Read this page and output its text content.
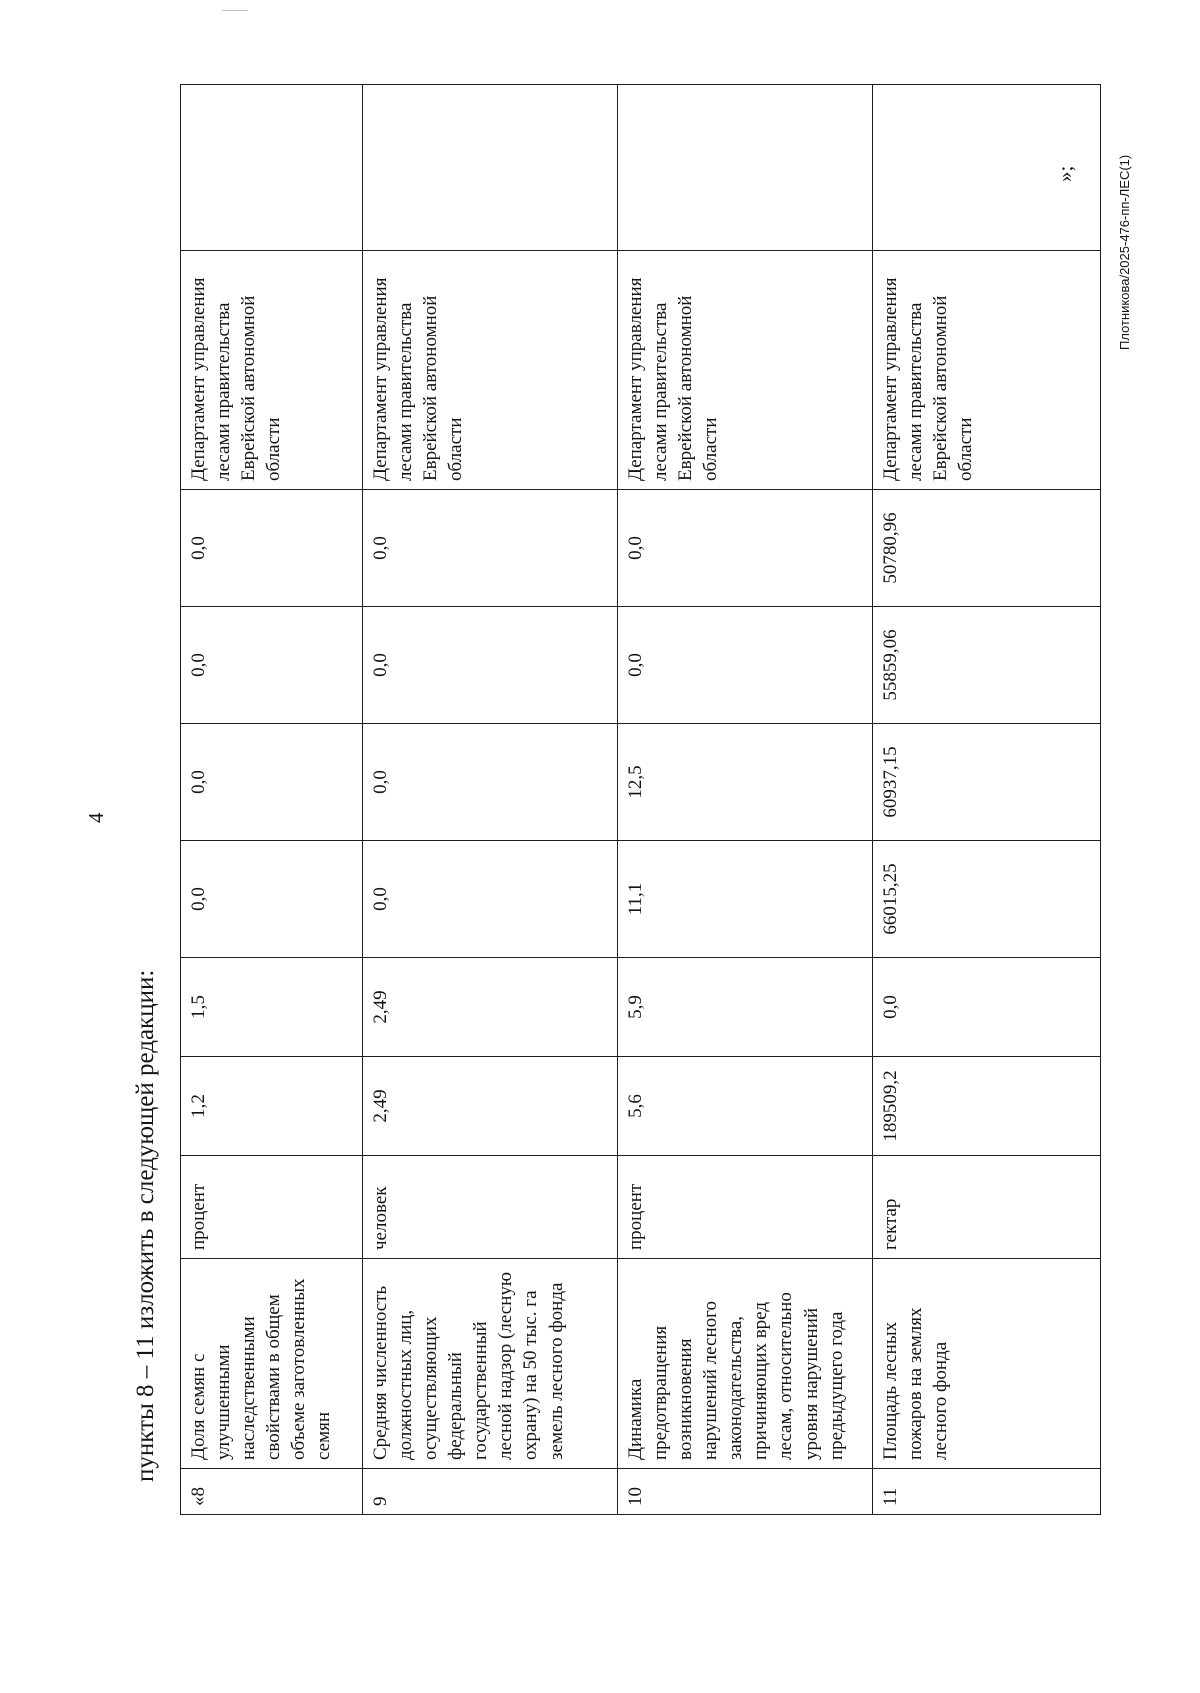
4
пункты 8 – 11 изложить в следующей редакции:
«8	Доля семян с улучшенными наследственными свойствами в общем объеме заготовленных семян	процент	1,2	1,5	0,0	0,0	0,0	0,0	Департамент управления лесами правительства Еврейской автономной области	
9	Средняя численность должностных лиц, осуществляющих федеральный государственный лесной надзор (лесную охрану) на 50 тыс. га земель лесного фонда	человек	2,49	2,49	0,0	0,0	0,0	0,0	Департамент управления лесами правительства Еврейской автономной области	
10	Динамика предотвращения возникновения нарушений лесного законодательства, причиняющих вред лесам, относительно уровня нарушений предыдущего года	процент	5,6	5,9	11,1	12,5	0,0	0,0	Департамент управления лесами правительства Еврейской автономной области	
11	Площадь лесных пожаров на землях лесного фонда	гектар	189509,2	0,0	66015,25	60937,15	55859,06	50780,96	Департамент управления лесами правительства Еврейской автономной области	
»;	Плотникова/2025-476-пп-ЛЕС(1)
